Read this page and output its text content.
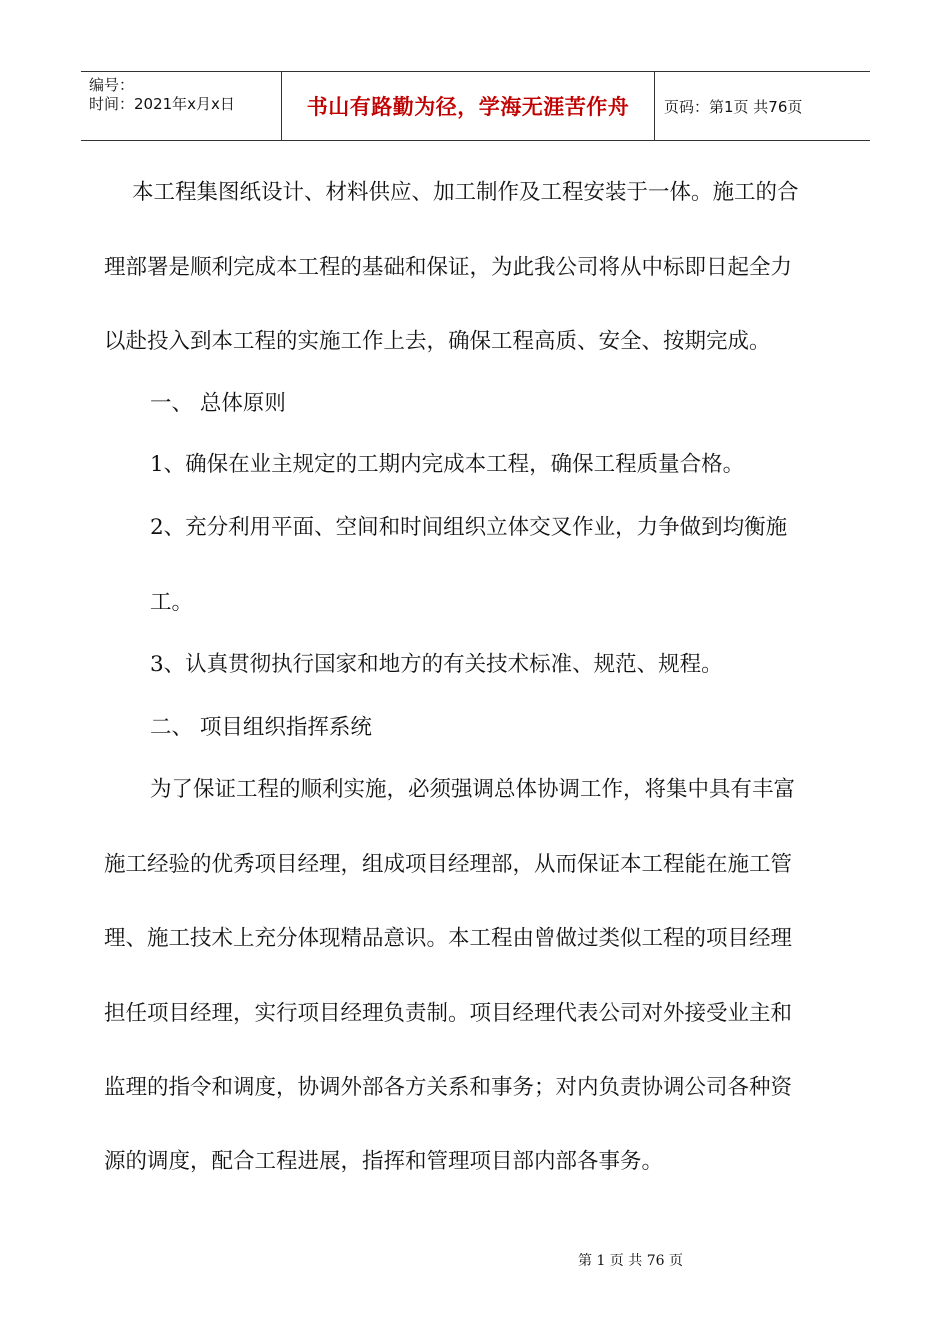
编号：
时间：2021年x月x日	书山有路勤为径，学海无涯苦作舟 页码：第1页 共76页
本工程集图纸设计、材料供应、加工制作及工程安装于一体。施工的合
理部署是顺利完成本工程的基础和保证，为此我公司将从中标即日起全力
以赴投入到本工程的实施工作上去，确保工程高质、安全、按期完成。
一、 总体原则
1、确保在业主规定的工期内完成本工程，确保工程质量合格。
2、充分利用平面、空间和时间组织立体交叉作业，力争做到均衡施
工。
3、认真贯彻执行国家和地方的有关技术标准、规范、规程。
二、 项目组织指挥系统
为了保证工程的顺利实施，必须强调总体协调工作，将集中具有丰富
施工经验的优秀项目经理，组成项目经理部，从而保证本工程能在施工管
理、施工技术上充分体现精品意识。本工程由曾做过类似工程的项目经理
担任项目经理，实行项目经理负责制。项目经理代表公司对外接受业主和
监理的指令和调度，协调外部各方关系和事务；对内负责协调公司各种资
源的调度，配合工程进展，指挥和管理项目部内部各事务。
第 1 页 共 76 页
